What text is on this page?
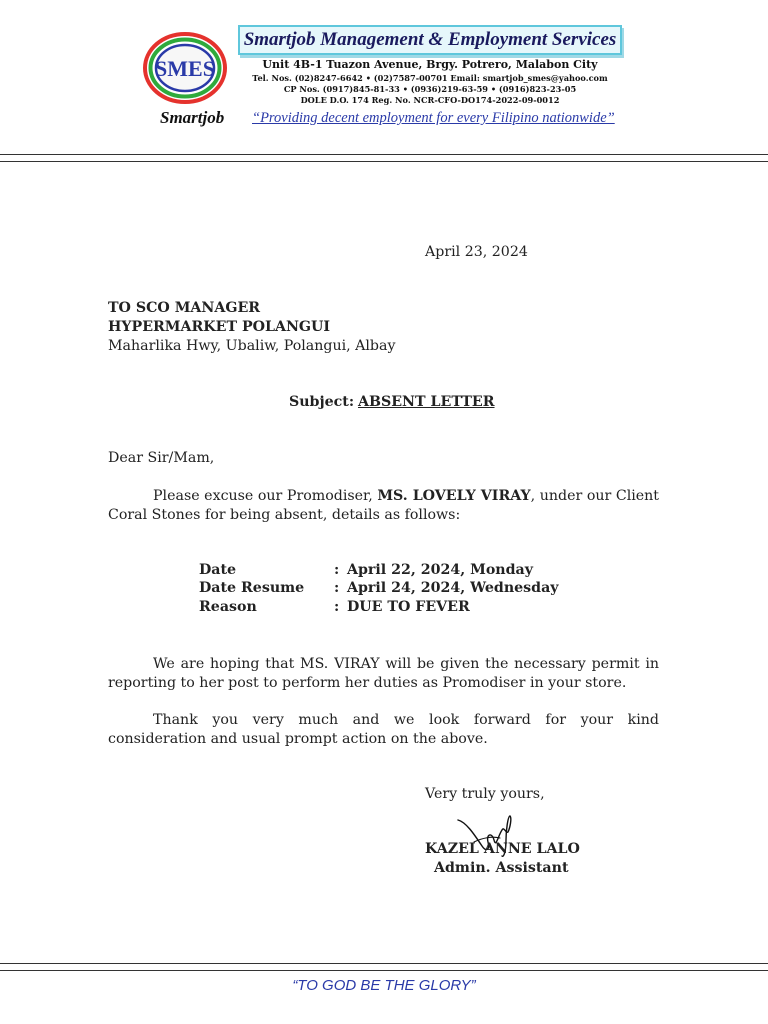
SMES
Smartjob
Smartjob Management & Employment Services
Unit 4B-1 Tuazon Avenue, Brgy. Potrero, Malabon City
Tel. Nos. (02)8247-6642 • (02)7587-00701 Email: smartjob_smes@yahoo.com
CP Nos. (0917)845-81-33 • (0936)219-63-59 • (0916)823-23-05
DOLE D.O. 174 Reg. No. NCR-CFO-DO174-2022-09-0012
“Providing decent employment for every Filipino nationwide”
April 23, 2024
TO SCO MANAGER
HYPERMARKET POLANGUI
Maharlika Hwy, Ubaliw, Polangui, Albay
Subject: ABSENT LETTER
Dear Sir/Mam,
Please excuse our Promodiser, MS. LOVELY VIRAY, under our Client Coral Stones for being absent, details as follows:
Date	: April 22, 2024, Monday
Date Resume : April 24, 2024, Wednesday
Reason	: DUE TO FEVER
We are hoping that MS. VIRAY will be given the necessary permit in reporting to her post to perform her duties as Promodiser in your store.
Thank you very much and we look forward for your kind consideration and usual prompt action on the above.
Very truly yours,
KAZEL ANNE LALO
Admin. Assistant
“TO GOD BE THE GLORY”
